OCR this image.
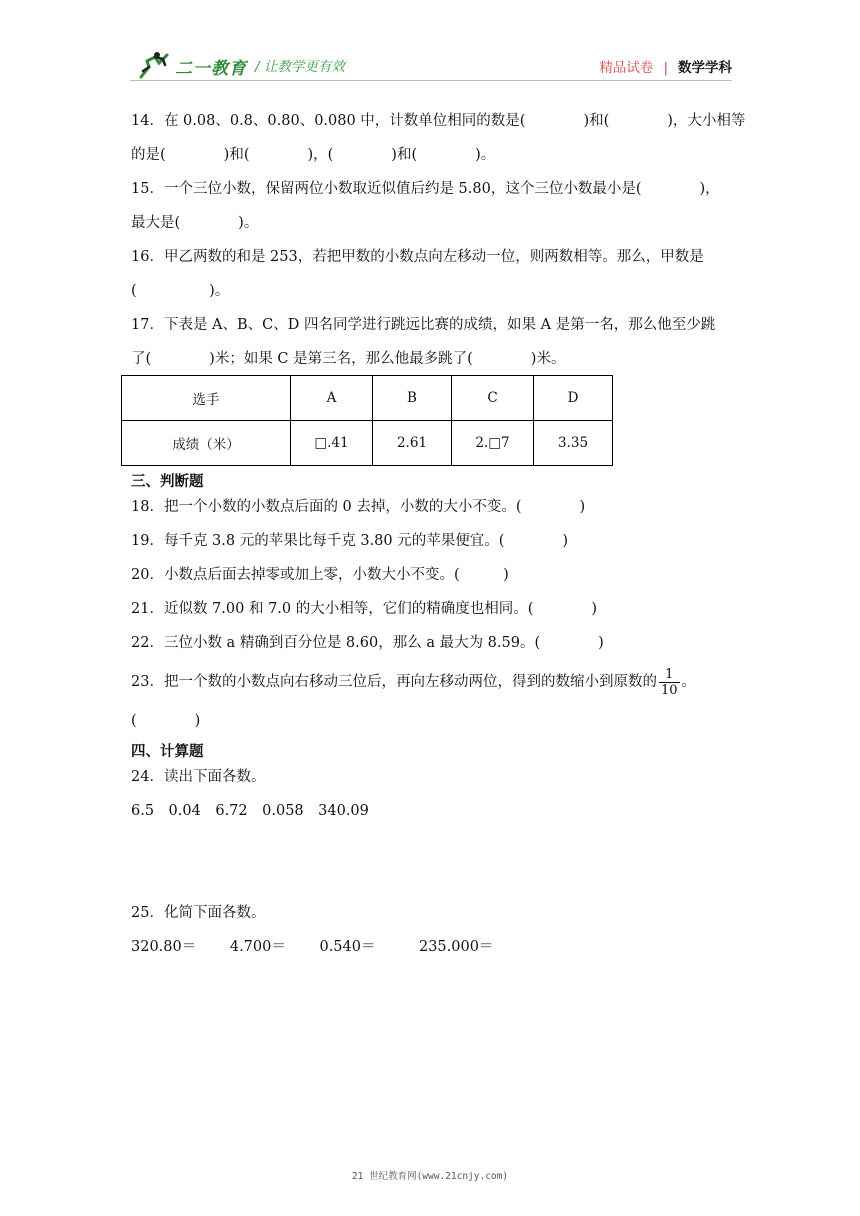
二一教育 / 让教学更有效	精品试卷 | 数学学科
14．在 0.08、0.8、0.80、0.080 中，计数单位相同的数是(　　　　)和(　　　　)，大小相等
的是(　　　　)和(　　　　)，(　　　　)和(　　　　)。
15．一个三位小数，保留两位小数取近似值后约是 5.80，这个三位小数最小是(　　　　)，
最大是(　　　　)。
16．甲乙两数的和是 253，若把甲数的小数点向左移动一位，则两数相等。那么，甲数是
(　　　　　)。
17．下表是 A、B、C、D 四名同学进行跳远比赛的成绩，如果 A 是第一名，那么他至少跳
了(　　　　)米；如果 C 是第三名，那么他最多跳了(　　　　)米。
选手	A	B	C	D
成绩（米）	□.41	2.61	2.□7	3.35
三、判断题
18．把一个小数的小数点后面的 0 去掉，小数的大小不变。(　　　　)
19．每千克 3.8 元的苹果比每千克 3.80 元的苹果便宜。(　　　　)
20．小数点后面去掉零或加上零，小数大小不变。(　　　)
21．近似数 7.00 和 7.0 的大小相等，它们的精确度也相同。(　　　　)
22．三位小数 a 精确到百分位是 8.60，那么 a 最大为 8.59。(　　　　)
23．把一个数的小数点向右移动三位后，再向左移动两位，得到的数缩小到原数的 $\frac{1}{10}$ 。
(　　　　)
四、计算题
24．读出下面各数。
6.5　0.04　6.72　0.058　340.09
25．化简下面各数。
320.80＝　　 4.700＝　　 0.540＝　　　235.000＝
21 世纪教育网(www.21cnjy.com)
